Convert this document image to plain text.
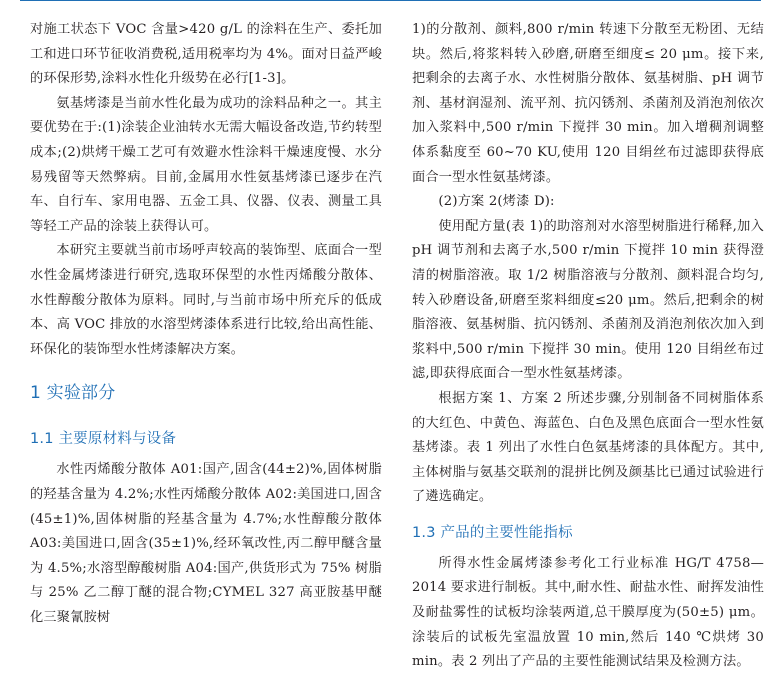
对施工状态下 VOC 含量>420 g/L 的涂料在生产、委托加工和进口环节征收消费税,适用税率均为 4%。面对日益严峻的环保形势,涂料水性化升级势在必行[1-3]。

氨基烤漆是当前水性化最为成功的涂料品种之一。其主要优势在于:(1)涂装企业油转水无需大幅设备改造,节约转型成本;(2)烘烤干燥工艺可有效避水性涂料干燥速度慢、水分易残留等天然弊病。目前,金属用水性氨基烤漆已逐步在汽车、自行车、家用电器、五金工具、仪器、仪表、测量工具等轻工产品的涂装上获得认可。

本研究主要就当前市场呼声较高的装饰型、底面合一型水性金属烤漆进行研究,选取环保型的水性丙烯酸分散体、水性醇酸分散体为原料。同时,与当前市场中所充斥的低成本、高 VOC 排放的水溶型烤漆体系进行比较,给出高性能、环保化的装饰型水性烤漆解决方案。

1 实验部分
1.1 主要原材料与设备

水性丙烯酸分散体 A01:国产,固含(44±2)%,固体树脂的羟基含量为 4.2%;水性丙烯酸分散体 A02:美国进口,固含(45±1)%,固体树脂的羟基含量为 4.7%;水性醇酸分散体 A03:美国进口,固含(35±1)%,经环氧改性,丙二醇甲醚含量为 4.5%;水溶型醇酸树脂 A04:国产,供货形式为 75% 树脂与 25% 乙二醇丁醚的混合物;CYMEL 327 高亚胺基甲醚化三聚氰胺树

1)的分散剂、颜料,800 r/min 转速下分散至无粉团、无结块。然后,将浆料转入砂磨,研磨至细度≤ 20 μm。接下来,把剩余的去离子水、水性树脂分散体、氨基树脂、pH 调节剂、基材润湿剂、流平剂、抗闪锈剂、杀菌剂及消泡剂依次加入浆料中,500 r/min 下搅拌 30 min。加入增稠剂调整体系黏度至 60~70 KU,使用 120 目绢丝布过滤即获得底面合一型水性氨基烤漆。

(2)方案 2(烤漆 D):

使用配方量(表 1)的助溶剂对水溶型树脂进行稀释,加入 pH 调节剂和去离子水,500 r/min 下搅拌 10 min 获得澄清的树脂溶液。取 1/2 树脂溶液与分散剂、颜料混合均匀,转入砂磨设备,研磨至浆料细度≤20 μm。然后,把剩余的树脂溶液、氨基树脂、抗闪锈剂、杀菌剂及消泡剂依次加入到浆料中,500 r/min 下搅拌 30 min。使用 120 目绢丝布过滤,即获得底面合一型水性氨基烤漆。

根据方案 1、方案 2 所述步骤,分别制备不同树脂体系的大红色、中黄色、海蓝色、白色及黑色底面合一型水性氨基烤漆。表 1 列出了水性白色氨基烤漆的具体配方。其中,主体树脂与氨基交联剂的混拼比例及颜基比已通过试验进行了遴选确定。

1.3 产品的主要性能指标

所得水性金属烤漆参考化工行业标准 HG/T 4758—2014 要求进行制板。其中,耐水性、耐盐水性、耐挥发油性及耐盐雾性的试板均涂装两道,总干膜厚度为(50±5) μm。涂装后的试板先室温放置 10 min,然后 140 ℃烘烤 30 min。表 2 列出了产品的主要性能测试结果及检测方法。
